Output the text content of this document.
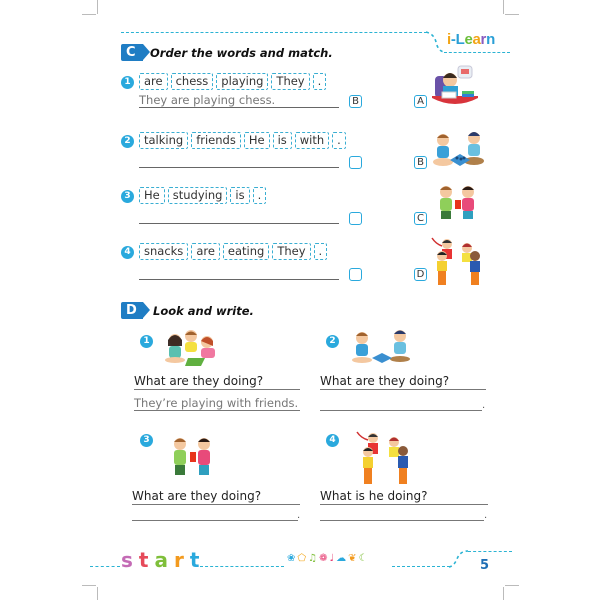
i-Learn
C	Order the words and match.
1	are	chess	playing	They	.
They are playing chess.	B
2	talking	friends	He	is	with	.
3	He	studying	is	.
4	snacks	are	eating	They	.
A
B
C
D
D	Look and write.
1
What are they doing?
They’re playing with friends.
2
What are they doing?
.
3
What are they doing?
.
4
What is he doing?
.
start	❀ ⬠ ♫ ❁ ♩ ☁ ❦ ☾	5
